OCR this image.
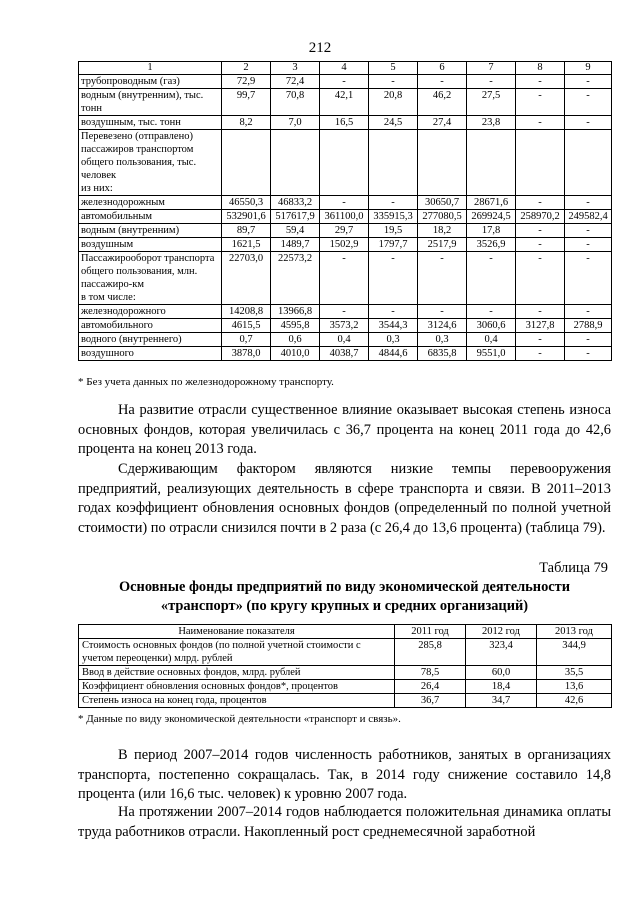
212
1	2	3	4	5	6	7	8	9

трубопроводным (газ)	72,9	72,4	-	-	-	-	-	-

водным (внутренним), тыс. тонн	99,7	70,8	42,1	20,8	46,2	27,5	-	-

воздушным, тыс. тонн	8,2	7,0	16,5	24,5	27,4	23,8	-	-

Перевезено (отправлено) пассажиров транспортом общего пользования, тыс. человек
из них:								

железнодорожным	46550,3	46833,2	-	-	30650,7	28671,6	-	-

автомобильным	532901,6	517617,9	361100,0	335915,3	277080,5	269924,5	258970,2	249582,4

водным (внутренним)	89,7	59,4	29,7	19,5	18,2	17,8	-	-

воздушным	1621,5	1489,7	1502,9	1797,7	2517,9	3526,9	-	-

Пассажирооборот транспорта общего пользования, млн. пассажиро-км
в том числе:	22703,0	22573,2	-	-	-	-	-	-

железнодорожного	14208,8	13966,8	-	-	-	-	-	-

автомобильного	4615,5	4595,8	3573,2	3544,3	3124,6	3060,6	3127,8	2788,9

водного (внутреннего)	0,7	0,6	0,4	0,3	0,3	0,4	-	-

воздушного	3878,0	4010,0	4038,7	4844,6	6835,8	9551,0	-	-
* Без учета данных по железнодорожному транспорту.

На развитие отрасли существенное влияние оказывает высокая степень износа основных фондов, которая увеличилась с 36,7 процента на конец 2011 года до 42,6 процента на конец 2013 года.

Сдерживающим фактором являются низкие темпы перевооружения предприятий, реализующих деятельность в сфере транспорта и связи. В 2011–2013 годах коэффициент обновления основных фондов (определенный по полной учетной стоимости) по отрасли снизился почти в 2 раза (с 26,4 до 13,6 процента) (таблица 79).

Таблица 79
Основные фонды предприятий по виду экономической деятельности
«транспорт» (по кругу крупных и средних организаций)
Наименование показателя	2011 год	2012 год	2013 год
Стоимость основных фондов (по полной учетной стоимости с учетом переоценки) млрд. рублей	285,8	323,4	344,9
Ввод в действие основных фондов, млрд. рублей	78,5	60,0	35,5
Коэффициент обновления основных фондов*, процентов	26,4	18,4	13,6
Степень износа на конец года, процентов	36,7	34,7	42,6
* Данные по виду экономической деятельности «транспорт и связь».

В период 2007–2014 годов численность работников, занятых в организациях транспорта, постепенно сокращалась. Так, в 2014 году снижение составило 14,8 процента (или 16,6 тыс. человек) к уровню 2007 года.

На протяжении 2007–2014 годов наблюдается положительная динамика оплаты труда работников отрасли. Накопленный рост среднемесячной заработной
